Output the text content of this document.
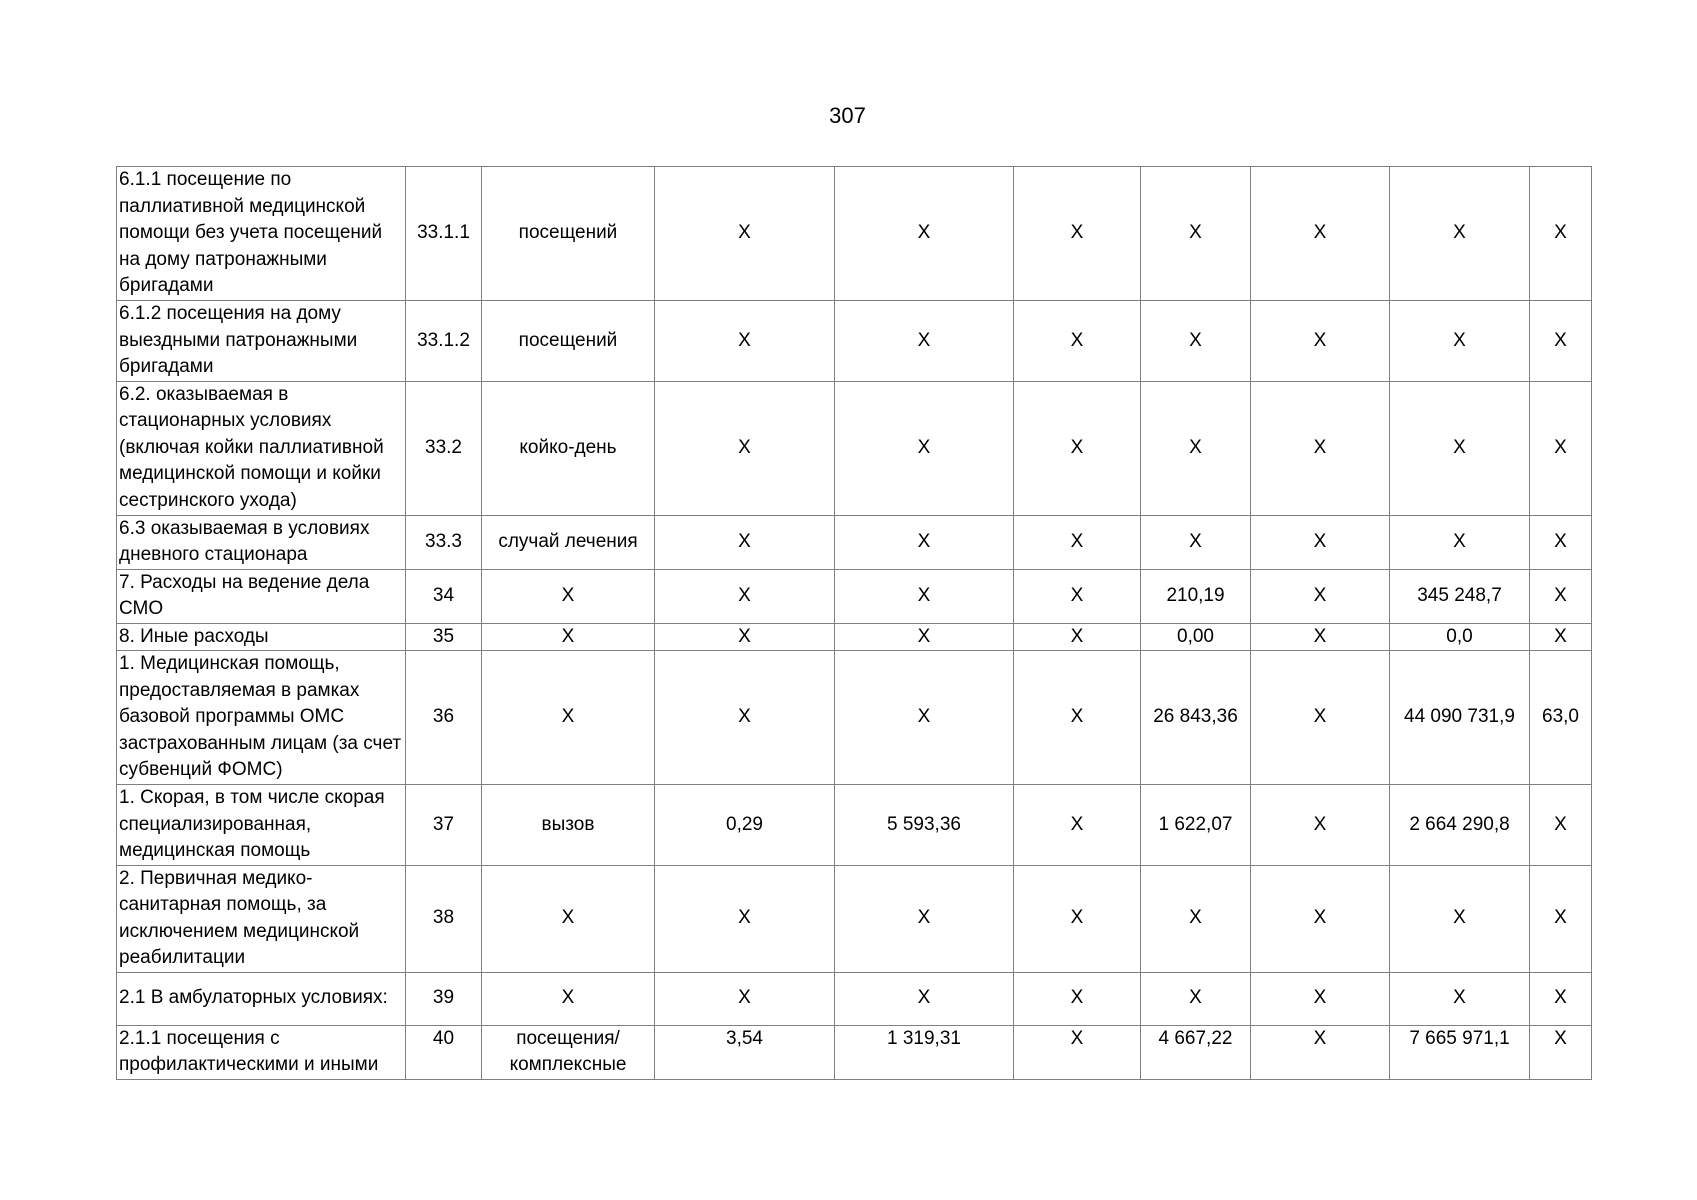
307
6.1.1 посещение по паллиативной медицинской помощи без учета посещений на дому патронажными бригадами	33.1.1	посещений	X	X	X	X	X	X	X
6.1.2 посещения на дому выездными патронажными бригадами	33.1.2	посещений	X	X	X	X	X	X	X
6.2. оказываемая в стационарных условиях (включая койки паллиативной медицинской помощи и койки сестринского ухода)	33.2	койко-день	X	X	X	X	X	X	X
6.3 оказываемая в условиях дневного стационара	33.3	случай лечения	X	X	X	X	X	X	X
7. Расходы на ведение дела СМО	34	X	X	X	X	210,19	X	345 248,7	X
8. Иные расходы	35	X	X	X	X	0,00	X	0,0	X
1. Медицинская помощь, предоставляемая в рамках базовой программы ОМС застрахованным лицам (за счет субвенций ФОМС)	36	X	X	X	X	26 843,36	X	44 090 731,9	63,0
1. Скорая, в том числе скорая специализированная, медицинская помощь	37	вызов	0,29	5 593,36	X	1 622,07	X	2 664 290,8	X
2. Первичная медико-санитарная помощь, за исключением медицинской реабилитации	38	X	X	X	X	X	X	X	X
2.1 В амбулаторных условиях:	39	X	X	X	X	X	X	X	X
2.1.1 посещения с профилактическими и иными	40	посещения/ комплексные	3,54	1 319,31	X	4 667,22	X	7 665 971,1	X
